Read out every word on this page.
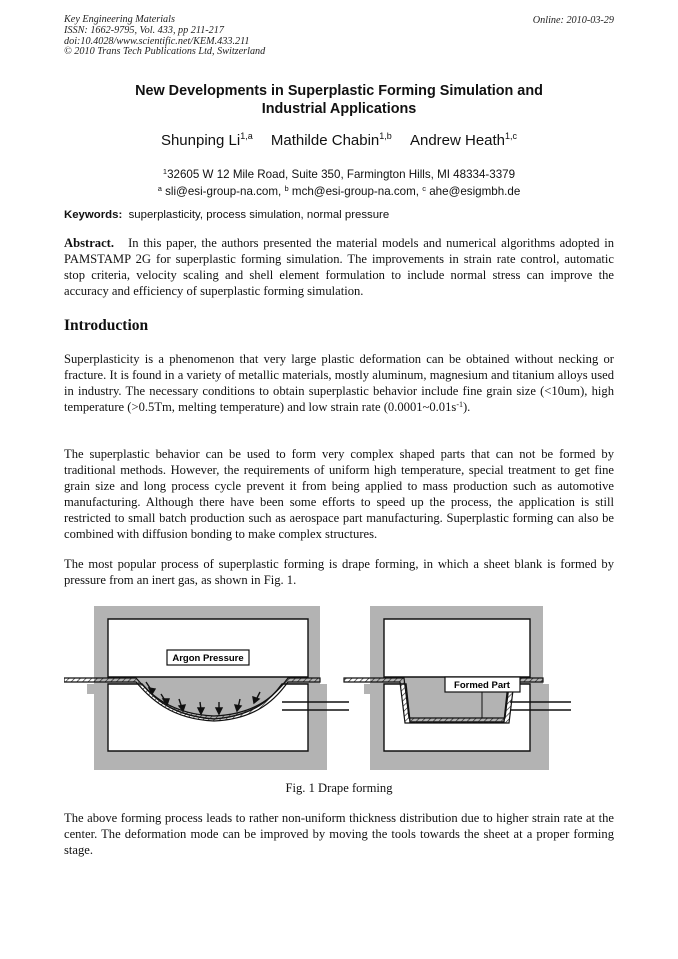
Key Engineering Materials
ISSN: 1662-9795, Vol. 433, pp 211-217
doi:10.4028/www.scientific.net/KEM.433.211
© 2010 Trans Tech Publications Ltd, Switzerland
Online: 2010-03-29
New Developments in Superplastic Forming Simulation and
Industrial Applications
Shunping Li$^{1,a}$ Mathilde Chabin$^{1,b}$ Andrew Heath$^{1,c}$
$^1$32605 W 12 Mile Road, Suite 350, Farmington Hills, MI 48334-3379
$^a$ sli@esi-group-na.com, $^b$ mch@esi-group-na.com, $^c$ ahe@esigmbh.de
Keywords: superplasticity, process simulation, normal pressure
Abstract. In this paper, the authors presented the material models and numerical algorithms adopted in PAMSTAMP 2G for superplastic forming simulation. The improvements in strain rate control, automatic stop criteria, velocity scaling and shell element formulation to include normal stress can improve the accuracy and efficiency of superplastic forming simulation.
Introduction
Superplasticity is a phenomenon that very large plastic deformation can be obtained without necking or fracture. It is found in a variety of metallic materials, mostly aluminum, magnesium and titanium alloys used in industry. The necessary conditions to obtain superplastic behavior include fine grain size (<10um), high temperature (>0.5Tm, melting temperature) and low strain rate $(0.0001\sim 0.01s^{-1})$.
The superplastic behavior can be used to form very complex shaped parts that can not be formed by traditional methods. However, the requirements of uniform high temperature, special treatment to get fine grain size and long process cycle prevent it from being applied to mass production such as automotive manufacturing. Although there have been some efforts to speed up the process, the application is still restricted to small batch production such as aerospace part manufacturing. Superplastic forming can also be combined with diffusion bonding to make complex structures.
The most popular process of superplastic forming is drape forming, in which a sheet blank is formed by pressure from an inert gas, as shown in Fig. 1.
Argon Pressure
Formed Part
Fig. 1 Drape forming
The above forming process leads to rather non-uniform thickness distribution due to higher strain rate at the center. The deformation mode can be improved by moving the tools towards the sheet at a proper forming stage.
